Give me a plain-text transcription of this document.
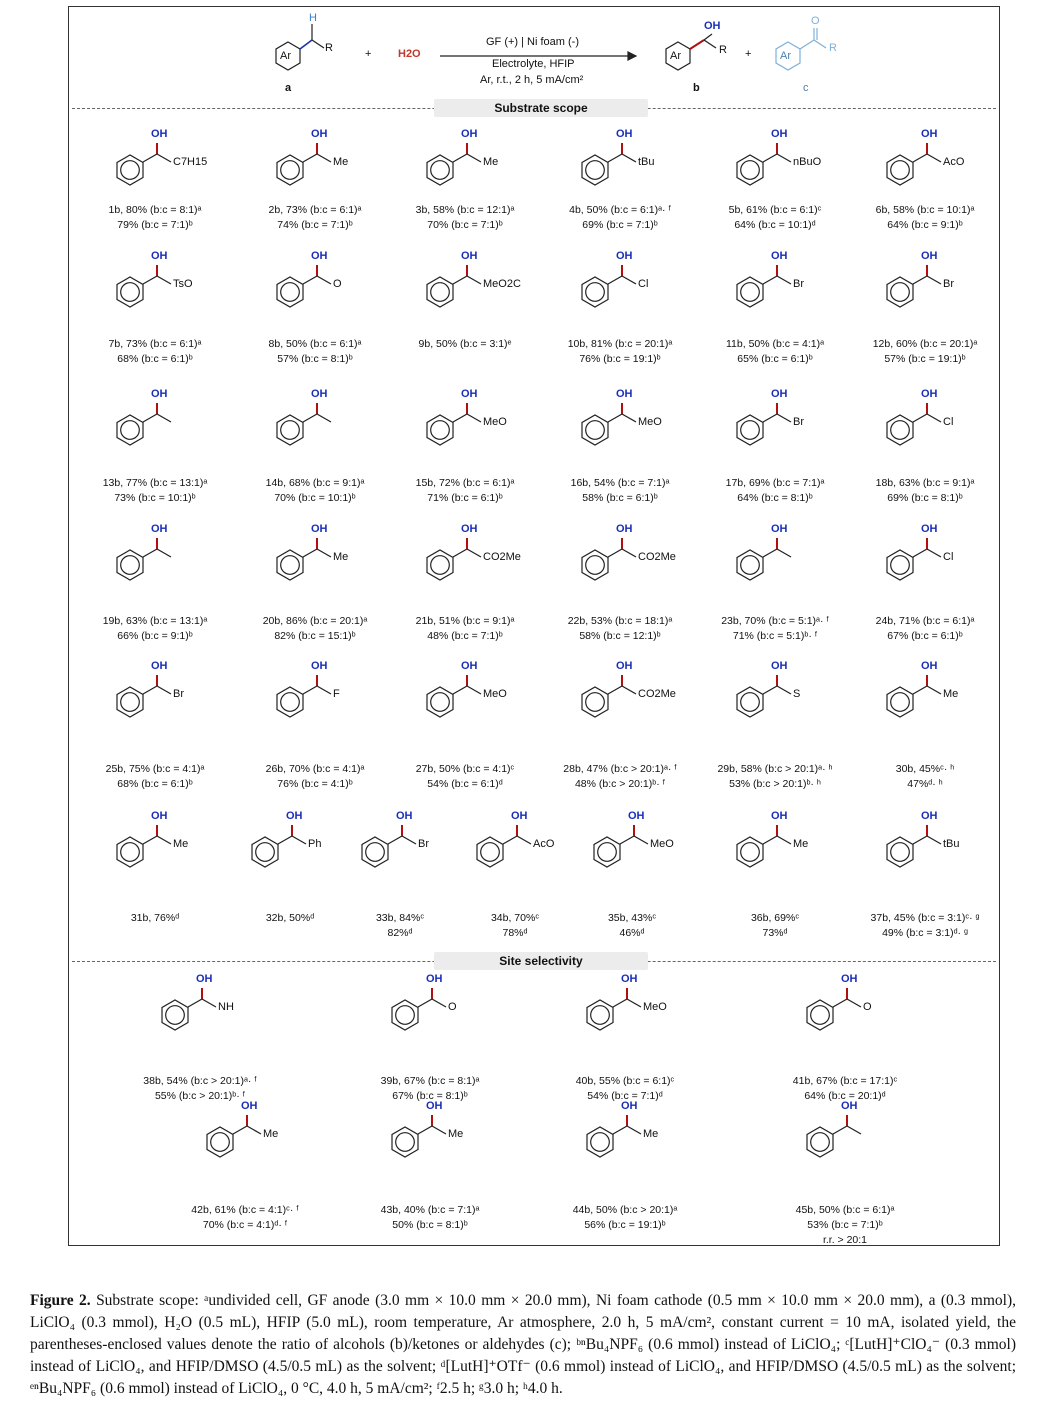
H
Ar
R
a
+ H2O
GF (+) | Ni foam (-)
Electrolyte, HFIP
Ar, r.t., 2 h, 5 mA/cm²
OH
Ar	R
b
+
O
Ar
R
c
Substrate scope
Site selectivity
OH
C7H15
1b, 80% (b:c = 8:1)ᵃ
79% (b:c = 7:1)ᵇ
OH
Me
2b, 73% (b:c = 6:1)ᵃ
74% (b:c = 7:1)ᵇ
OH
Me
3b, 58% (b:c = 12:1)ᵃ
70% (b:c = 7:1)ᵇ
OH
tBu
4b, 50% (b:c = 6:1)ᵃ· ᶠ
69% (b:c = 7:1)ᵇ
OH
nBuO
5b, 61% (b:c = 6:1)ᶜ
64% (b:c = 10:1)ᵈ
OH
AcO
6b, 58% (b:c = 10:1)ᵃ
64% (b:c = 9:1)ᵇ
OH
TsO
7b, 73% (b:c = 6:1)ᵃ
68% (b:c = 6:1)ᵇ
OH
O
8b, 50% (b:c = 6:1)ᵃ
57% (b:c = 8:1)ᵇ
OH
MeO2C
9b, 50% (b:c = 3:1)ᵉ
OH
Cl
10b, 81% (b:c = 20:1)ᵃ
76% (b:c = 19:1)ᵇ
OH
Br
11b, 50% (b:c = 4:1)ᵃ
65% (b:c = 6:1)ᵇ
OH
Br
12b, 60% (b:c = 20:1)ᵃ
57% (b:c = 19:1)ᵇ
OH
13b, 77% (b:c = 13:1)ᵃ
73% (b:c = 10:1)ᵇ
OH
14b, 68% (b:c = 9:1)ᵃ
70% (b:c = 10:1)ᵇ
OH
MeO
15b, 72% (b:c = 6:1)ᵃ
71% (b:c = 6:1)ᵇ
OH
MeO
16b, 54% (b:c = 7:1)ᵃ
58% (b:c = 6:1)ᵇ
OH
Br
17b, 69% (b:c = 7:1)ᵃ
64% (b:c = 8:1)ᵇ
OH
Cl
18b, 63% (b:c = 9:1)ᵃ
69% (b:c = 8:1)ᵇ
OH
19b, 63% (b:c = 13:1)ᵃ
66% (b:c = 9:1)ᵇ
OH
Me
20b, 86% (b:c = 20:1)ᵃ
82% (b:c = 15:1)ᵇ
OH
CO2Me
21b, 51% (b:c = 9:1)ᵃ
48% (b:c = 7:1)ᵇ
OH
CO2Me
22b, 53% (b:c = 18:1)ᵃ
58% (b:c = 12:1)ᵇ
OH
23b, 70% (b:c = 5:1)ᵃ· ᶠ
71% (b:c = 5:1)ᵇ· ᶠ
OH
Cl
24b, 71% (b:c = 6:1)ᵃ
67% (b:c = 6:1)ᵇ
OH
Br
25b, 75% (b:c = 4:1)ᵃ
68% (b:c = 6:1)ᵇ
OH
F
26b, 70% (b:c = 4:1)ᵃ
76% (b:c = 4:1)ᵇ
OH
MeO
27b, 50% (b:c = 4:1)ᶜ
54% (b:c = 6:1)ᵈ
OH
CO2Me
28b, 47% (b:c > 20:1)ᵃ· ᶠ
48% (b:c > 20:1)ᵇ· ᶠ
OH
S
29b, 58% (b:c > 20:1)ᵃ· ʰ
53% (b:c > 20:1)ᵇ· ʰ
OH
Me
30b, 45%ᶜ· ʰ
47%ᵈ· ʰ
OH
Me
31b, 76%ᵈ
OH
Ph
32b, 50%ᵈ
OH
Br
33b, 84%ᶜ
82%ᵈ
OH
AcO
34b, 70%ᶜ
78%ᵈ
OH
MeO
35b, 43%ᶜ
46%ᵈ
OH
Me
36b, 69%ᶜ
73%ᵈ
OH
tBu
37b, 45% (b:c = 3:1)ᶜ· ᵍ
49% (b:c = 3:1)ᵈ· ᵍ
OH
NH
38b, 54% (b:c > 20:1)ᵃ· ᶠ
55% (b:c > 20:1)ᵇ· ᶠ
OH
O
39b, 67% (b:c = 8:1)ᵃ
67% (b:c = 8:1)ᵇ
OH
MeO
40b, 55% (b:c = 6:1)ᶜ
54% (b:c = 7:1)ᵈ
OH
O
41b, 67% (b:c = 17:1)ᶜ
64% (b:c = 20:1)ᵈ
OH
Me
42b, 61% (b:c = 4:1)ᶜ· ᶠ
70% (b:c = 4:1)ᵈ· ᶠ
OH
Me
43b, 40% (b:c = 7:1)ᵃ
50% (b:c = 8:1)ᵇ
OH
Me
44b, 50% (b:c > 20:1)ᵃ
56% (b:c = 19:1)ᵇ
OH
45b, 50% (b:c = 6:1)ᵃ
53% (b:c = 7:1)ᵇ
r.r. > 20:1
Figure 2. Substrate scope: ᵃundivided cell, GF anode (3.0 mm × 10.0 mm × 20.0 mm), Ni foam cathode (0.5 mm × 10.0 mm × 20.0 mm), a (0.3 mmol), LiClO₄ (0.3 mmol), H₂O (0.5 mL), HFIP (5.0 mL), room temperature, Ar atmosphere, 2.0 h, 5 mA/cm², constant current = 10 mA, isolated yield, the parentheses-enclosed values denote the ratio of alcohols (b)/ketones or aldehydes (c); ᵇⁿBu₄NPF₆ (0.6 mmol) instead of LiClO₄; ᶜ[LutH]⁺ClO₄⁻ (0.3 mmol) instead of LiClO₄, and HFIP/DMSO (4.5/0.5 mL) as the solvent; ᵈ[LutH]⁺OTf⁻ (0.6 mmol) instead of LiClO₄, and HFIP/DMSO (4.5/0.5 mL) as the solvent; ᵉⁿBu₄NPF₆ (0.6 mmol) instead of LiClO₄, 0 °C, 4.0 h, 5 mA/cm²; ᶠ2.5 h; ᵍ3.0 h; ʰ4.0 h.
